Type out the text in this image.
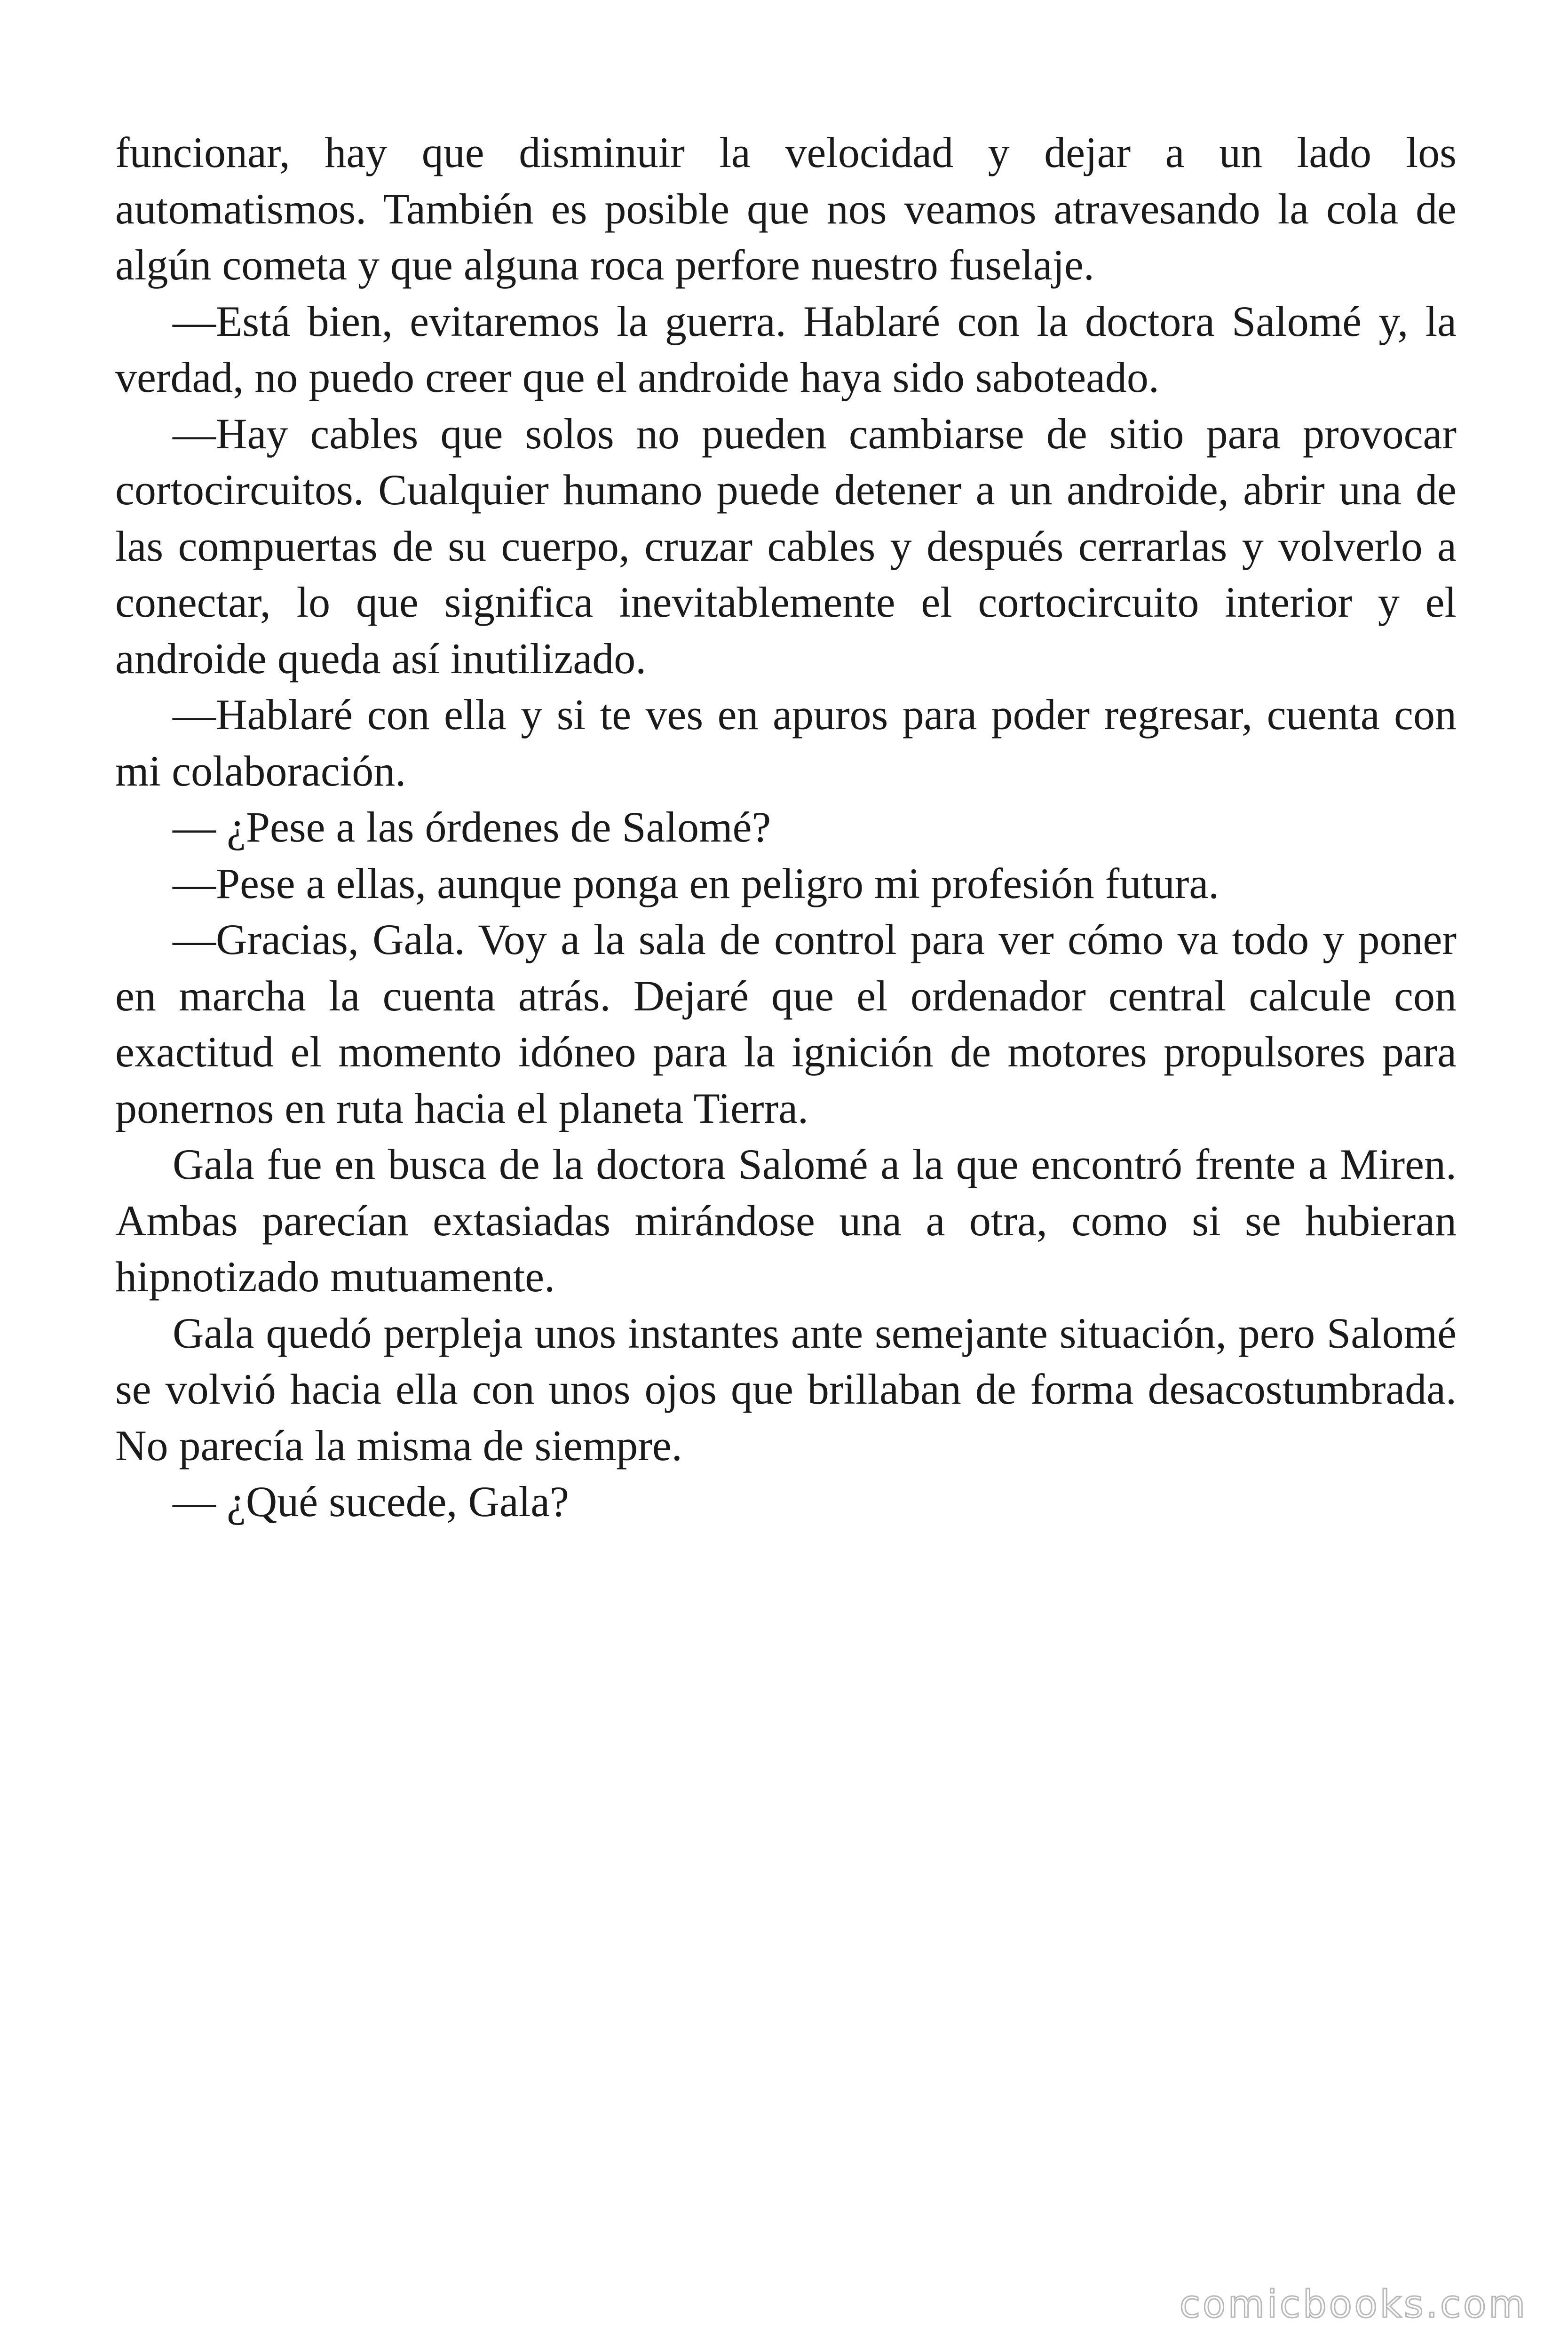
funcionar, hay que disminuir la velocidad y dejar a un lado los automatismos. También es posible que nos veamos atravesando la cola de algún cometa y que alguna roca perfore nuestro fuselaje.

—Está bien, evitaremos la guerra. Hablaré con la doctora Salomé y, la verdad, no puedo creer que el androide haya sido saboteado.

—Hay cables que solos no pueden cambiarse de sitio para provocar cortocircuitos. Cualquier humano puede detener a un androide, abrir una de las compuertas de su cuerpo, cruzar cables y después cerrarlas y volverlo a conectar, lo que significa inevitablemente el cortocircuito interior y el androide queda así inutilizado.

—Hablaré con ella y si te ves en apuros para poder regresar, cuenta con mi colaboración.

— ¿Pese a las órdenes de Salomé?

—Pese a ellas, aunque ponga en peligro mi profesión futura.

—Gracias, Gala. Voy a la sala de control para ver cómo va todo y poner en marcha la cuenta atrás. Dejaré que el ordenador central calcule con exactitud el momento idóneo para la ignición de motores propulsores para ponernos en ruta hacia el planeta Tierra.

Gala fue en busca de la doctora Salomé a la que encontró frente a Miren. Ambas parecían extasiadas mirándose una a otra, como si se hubieran hipnotizado mutuamente.

Gala quedó perpleja unos instantes ante semejante situación, pero Salomé se volvió hacia ella con unos ojos que brillaban de forma desacostumbrada. No parecía la misma de siempre.

— ¿Qué sucede, Gala?

comicbooks.com
